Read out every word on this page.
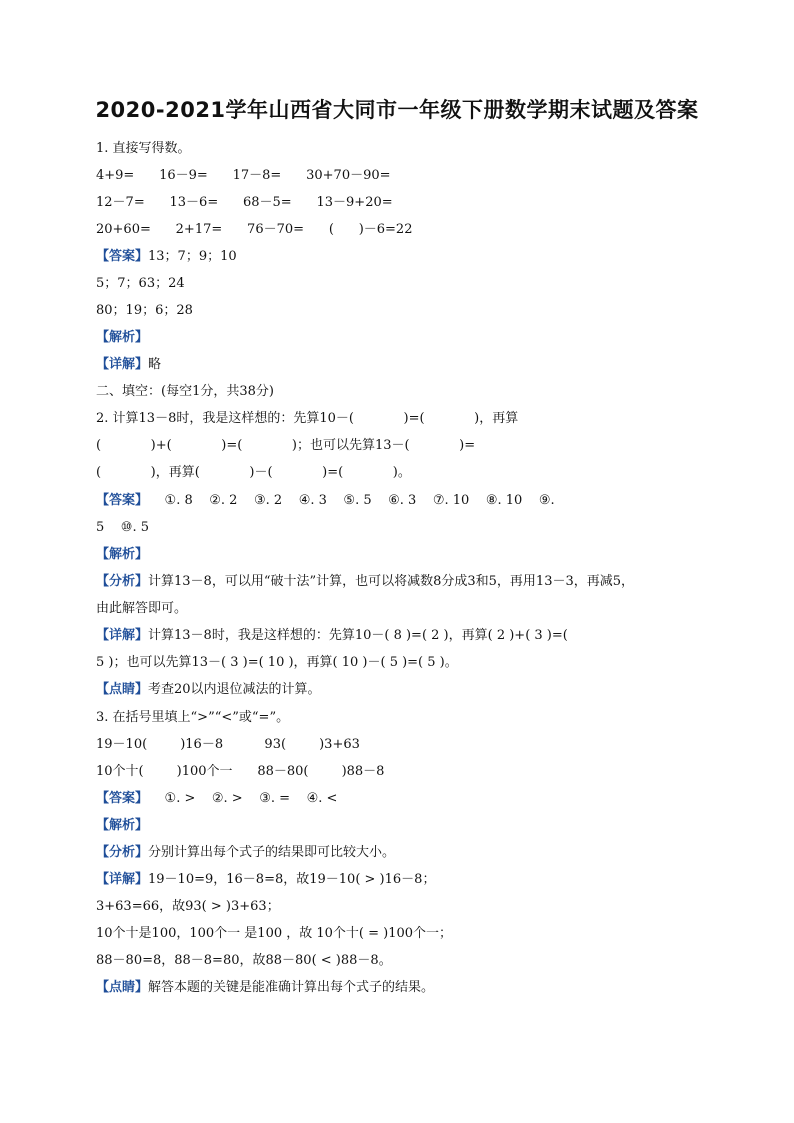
2020-2021学年山西省大同市一年级下册数学期末试题及答案
1. 直接写得数。
4+9=      16－9=      17－8=      30+70－90=
12－7=      13－6=      68－5=      13－9+20=
20+60=      2+17=      76－70=      (      )－6=22
【答案】13；7；9；10
5；7；63；24
80；19；6；28
【解析】
【详解】略
二、填空：(每空1分，共38分)
2. 计算13－8时，我是这样想的：先算10－(            )=(            )，再算
(            )+(            )=(            )；也可以先算13－(            )=
(            )，再算(            )－(            )=(            )。
【答案】    ①. 8    ②. 2    ③. 2    ④. 3    ⑤. 5    ⑥. 3    ⑦. 10    ⑧. 10    ⑨.
5    ⑩. 5
【解析】
【分析】计算13－8，可以用“破十法”计算，也可以将减数8分成3和5，再用13－3，再减5，
由此解答即可。
【详解】计算13－8时，我是这样想的：先算10－( 8 )=( 2 )，再算( 2 )+( 3 )=(
5 )；也可以先算13－( 3 )=( 10 )，再算( 10 )－( 5 )=( 5 )。
【点睛】考查20以内退位减法的计算。
3. 在括号里填上“>”“<”或“=”。
19－10(        )16－8          93(        )3+63
10个十(        )100个一      88－80(        )88－8
【答案】    ①. >    ②. >    ③. =    ④. <
【解析】
【分析】分别计算出每个式子的结果即可比较大小。
【详解】19－10=9，16－8=8，故19－10( > )16－8；
3+63=66，故93( > )3+63；
10个十是100，100个一 是100 ，故 10个十( = )100个一；
88－80=8，88－8=80，故88－80( < )88－8。
【点睛】解答本题的关键是能准确计算出每个式子的结果。
